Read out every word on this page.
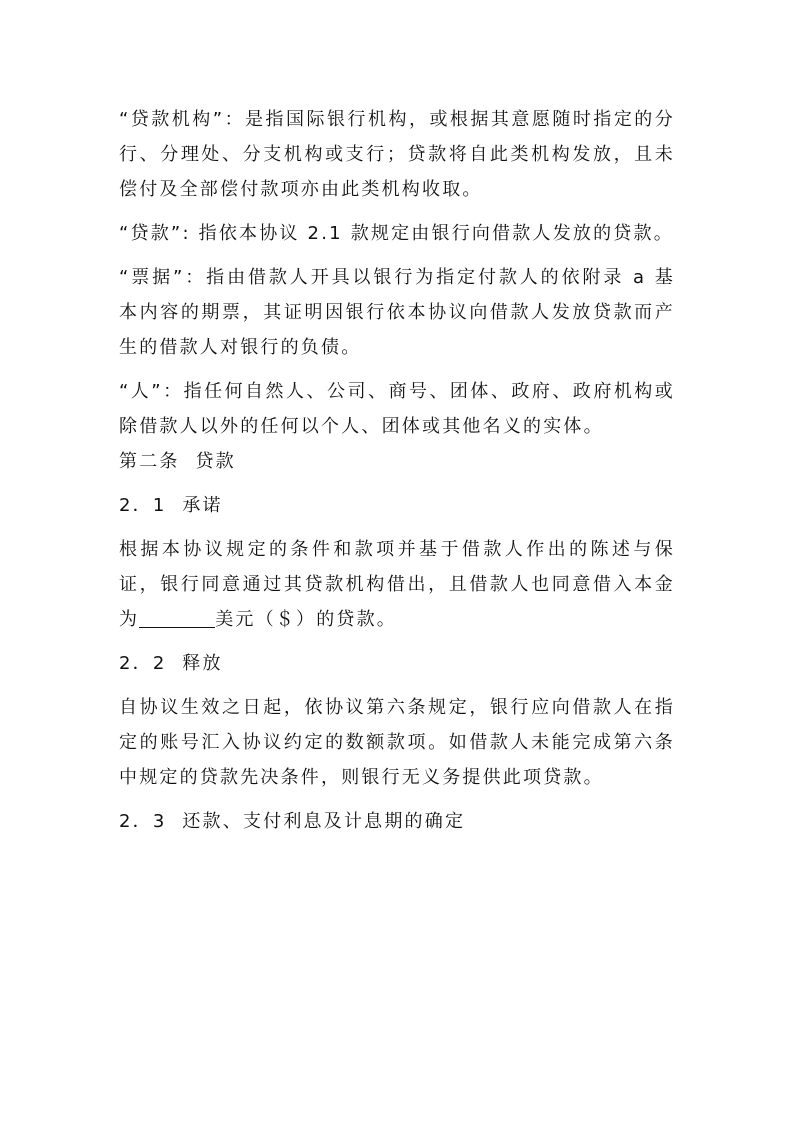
“贷款机构”：是指国际银行机构，或根据其意愿随时指定的分行、分理处、分支机构或支行；贷款将自此类机构发放，且未偿付及全部偿付款项亦由此类机构收取。

“贷款”: 指依本协议 2.1 款规定由银行向借款人发放的贷款。

“票据”：指由借款人开具以银行为指定付款人的依附录 a 基本内容的期票，其证明因银行依本协议向借款人发放贷款而产生的借款人对银行的负债。

“人”：指任何自然人、公司、商号、团体、政府、政府机构或除借款人以外的任何以个人、团体或其他名义的实体。

第二条  贷款

2．1  承诺

根据本协议规定的条件和款项并基于借款人作出的陈述与保证，银行同意通过其贷款机构借出，且借款人也同意借入本金为	美元（＄）的贷款。

2．2  释放

自协议生效之日起，依协议第六条规定，银行应向借款人在指定的账号汇入协议约定的数额款项。如借款人未能完成第六条中规定的贷款先决条件，则银行无义务提供此项贷款。

2．3  还款、支付利息及计息期的确定
